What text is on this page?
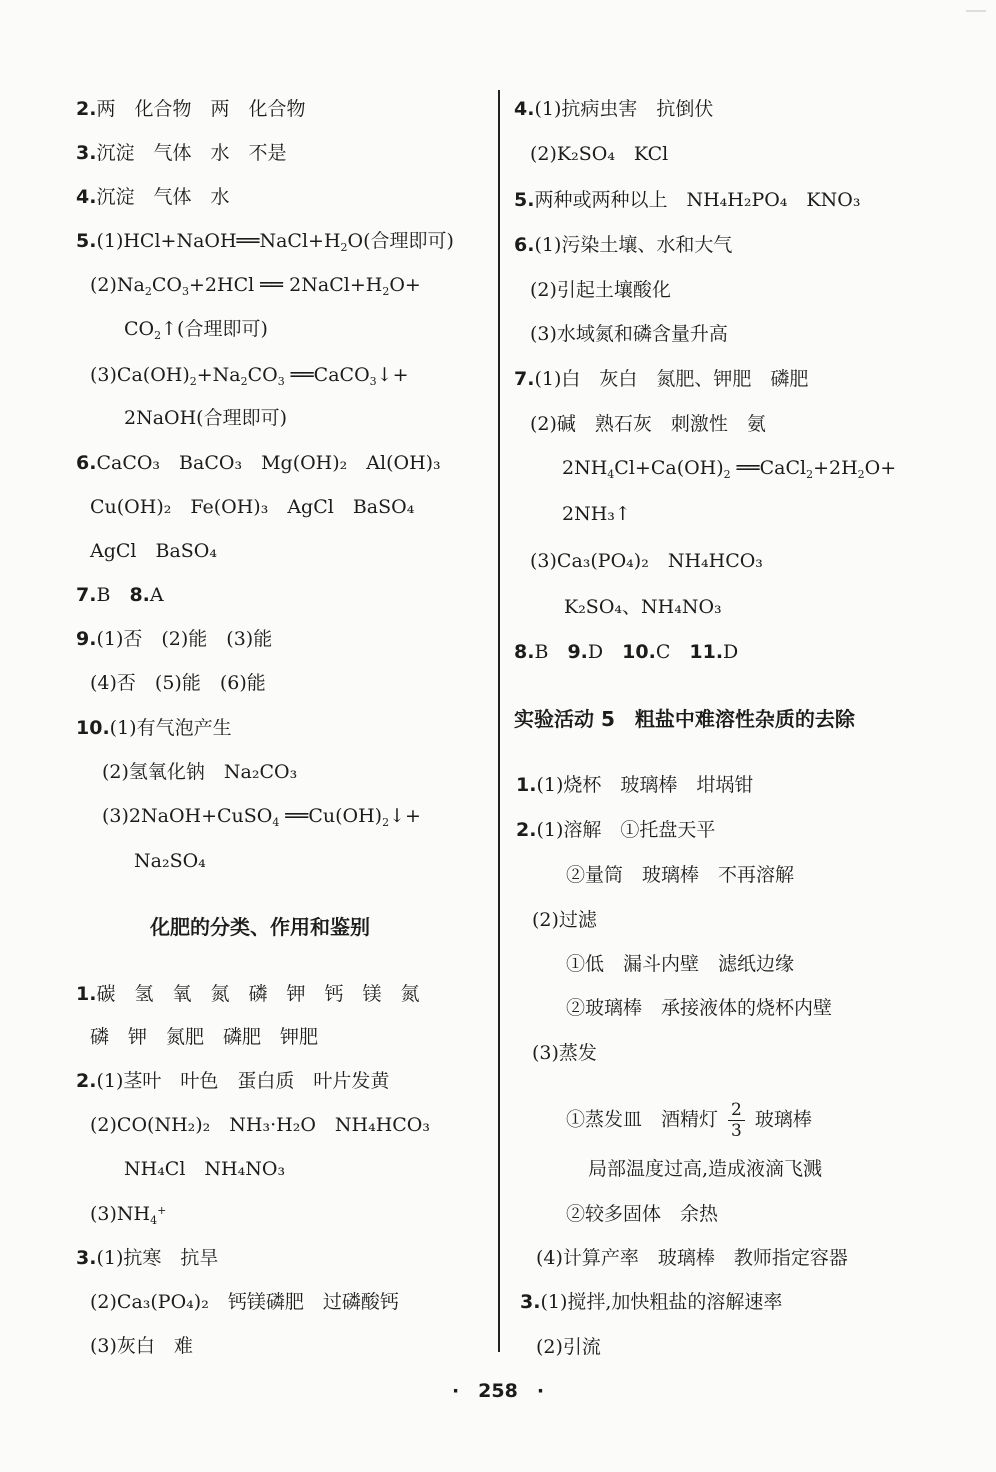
2.两　化合物　两　化合物
3.沉淀　气体　水　不是
4.沉淀　气体　水
$5.(1)HCl+NaOH══NaCl+H_2O$(合理即可)
$(2)Na_2CO_3+2HCl$ ══ $2NaCl+H_2O+$
$CO_2↑$(合理即可)
$(3)Ca(OH)_2+Na_2CO_3$ ══CaCO$_3$↓+
2NaOH(合理即可)
6.CaCO₃　BaCO₃　Mg(OH)₂　Al(OH)₃
Cu(OH)₂　Fe(OH)₃　AgCl　BaSO₄
AgCl　BaSO₄
7.B　 8.A
9.(1)否　(2)能　(3)能
(4)否　(5)能　(6)能
10.(1)有气泡产生
(2)氢氧化钠　Na₂CO₃
(3)2NaOH+CuSO$_4$ $══Cu(OH)_2↓+$
Na₂SO₄
化肥的分类、作用和鉴别
1.碳　氢　氧　氮　磷　钾　钙　镁　氮
磷　钾　氮肥　磷肥　钾肥
2.(1)茎叶　叶色　蛋白质　叶片发黄
(2)CO(NH₂)₂　NH₃·H₂O　NH₄HCO₃
NH₄Cl　NH₄NO₃
$(3)NH_4^+$
3.(1)抗寒　抗旱
(2)Ca₃(PO₄)₂　钙镁磷肥　过磷酸钙
(3)灰白　难
4.(1)抗病虫害　抗倒伏
(2)K₂SO₄　KCl
5.两种或两种以上　NH₄H₂PO₄　KNO₃
6.(1)污染土壤、水和大气
(2)引起土壤酸化
(3)水域氮和磷含量升高
7.(1)白　灰白　氮肥、钾肥　磷肥
(2)碱　熟石灰　刺激性　氨
$2NH_4Cl+Ca(OH)_2$ $══CaCl_2+2H_2O+$
2NH₃↑
(3)Ca₃(PO₄)₂　NH₄HCO₃
K₂SO₄、NH₄NO₃
8.B　 9.D　 10.C　 11.D
实验活动 5　粗盐中难溶性杂质的去除
1.(1)烧杯　玻璃棒　坩埚钳
2.(1)溶解　①托盘天平
②量筒　玻璃棒　不再溶解
(2)过滤
①低　漏斗内壁　滤纸边缘
②玻璃棒　承接液体的烧杯内壁
(3)蒸发
①蒸发皿　酒精灯 $\frac{2}{3}$ 玻璃棒
局部温度过高,造成液滴飞溅
②较多固体　余热
(4)计算产率　玻璃棒　教师指定容器
3.(1)搅拌,加快粗盐的溶解速率
(2)引流
·　258　·
